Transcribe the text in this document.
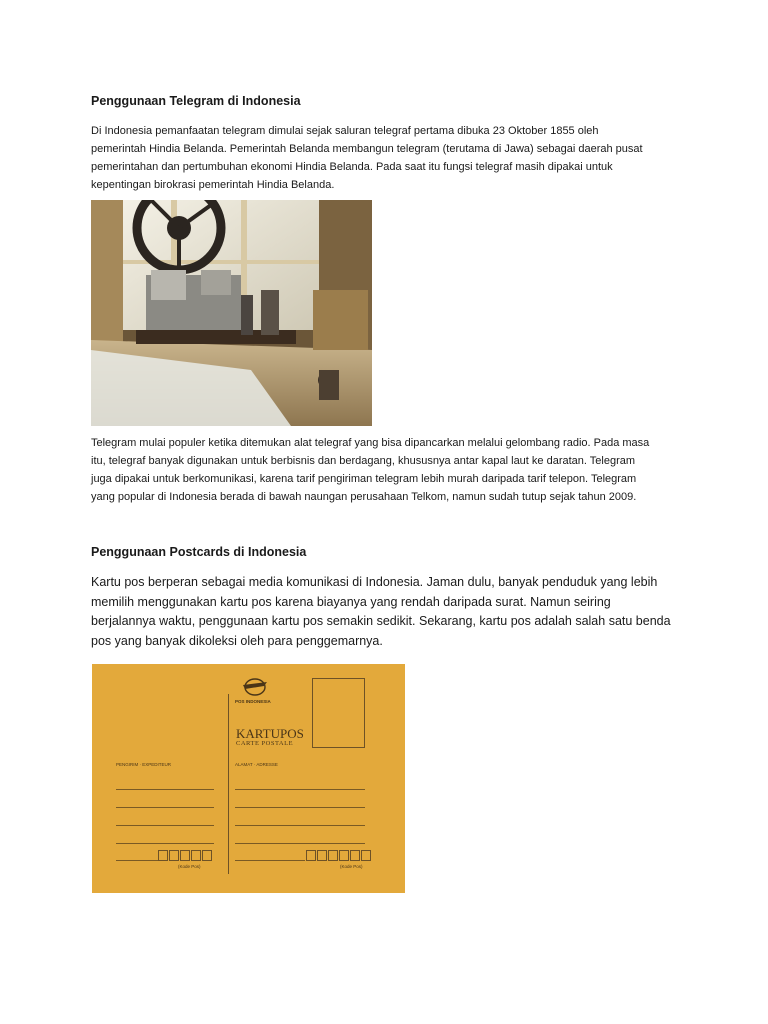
Penggunaan Telegram di Indonesia
Di Indonesia pemanfaatan telegram dimulai sejak saluran telegraf pertama dibuka 23 Oktober 1855 oleh
pemerintah Hindia Belanda. Pemerintah Belanda membangun telegram (terutama di Jawa) sebagai daerah pusat
pemerintahan dan pertumbuhan ekonomi Hindia Belanda. Pada saat itu fungsi telegraf masih dipakai untuk
kepentingan birokrasi pemerintah Hindia Belanda.
Telegram mulai populer ketika ditemukan alat telegraf yang bisa dipancarkan melalui gelombang radio. Pada masa
itu, telegraf banyak digunakan untuk berbisnis dan berdagang, khususnya antar kapal laut ke daratan. Telegram
juga dipakai untuk berkomunikasi, karena tarif pengiriman telegram lebih murah daripada tarif telepon. Telegram
yang popular di Indonesia berada di bawah naungan perusahaan Telkom, namun sudah tutup sejak tahun 2009.
Penggunaan Postcards di Indonesia
Kartu pos berperan sebagai media komunikasi di Indonesia. Jaman dulu, banyak penduduk yang lebih
memilih menggunakan kartu pos karena biayanya yang rendah daripada surat. Namun seiring
berjalannya waktu, penggunaan kartu pos semakin sedikit. Sekarang, kartu pos adalah salah satu benda
pos yang banyak dikoleksi oleh para penggemarnya.
POS INDONESIA
KARTUPOS
CARTE POSTALE
PENGIRIM · EXPEDITEUR
(Kode Pos)
ALAMAT · ADRESSE
(Kode Pos)
